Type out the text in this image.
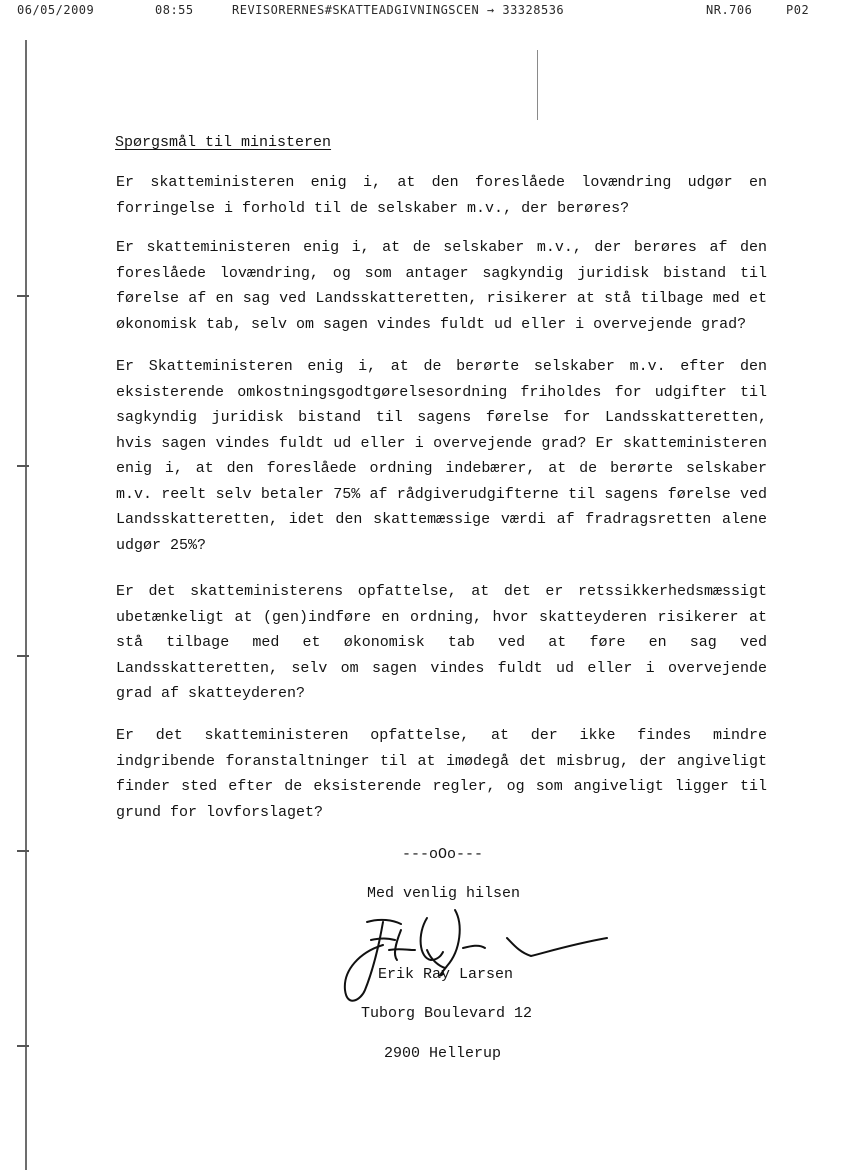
06/05/2009	08:55	REVISORERNES#SKATTEADGIVNINGSCEN → 33328536	NR.706	P02
Spørgsmål til ministeren
Er skatteministeren enig i, at den foreslåede lovændring udgør en forringelse i forhold til de selskaber m.v., der berøres?
Er skatteministeren enig i, at de selskaber m.v., der berøres af den foreslåede lovændring, og som antager sagkyndig juridisk bistand til førelse af en sag ved Landsskatteretten, risikerer at stå tilbage med et økonomisk tab, selv om sagen vindes fuldt ud eller i overvejende grad?
Er Skatteministeren enig i, at de berørte selskaber m.v. efter den eksisterende omkostningsgodtgørelsesordning friholdes for udgifter til sagkyndig juridisk bistand til sagens førelse for Landsskatteretten, hvis sagen vindes fuldt ud eller i overvejende grad? Er skatteministeren enig i, at den foreslåede ordning indebærer, at de berørte selskaber m.v. reelt selv betaler 75% af rådgiverudgifterne til sagens førelse ved Landsskatteretten, idet den skattemæssige værdi af fradragsretten alene udgør 25%?
Er det skatteministerens opfattelse, at det er retssikkerhedsmæssigt ubetænkeligt at (gen)indføre en ordning, hvor skatteyderen risikerer at stå tilbage med et økonomisk tab ved at føre en sag ved Landsskatteretten, selv om sagen vindes fuldt ud eller i overvejende grad af skatteyderen?
Er det skatteministeren opfattelse, at der ikke findes mindre indgribende foranstaltninger til at imødegå det misbrug, der angiveligt finder sted efter de eksisterende regler, og som angiveligt ligger til grund for lovforslaget?
---oOo---
Med venlig hilsen
Erik Ray Larsen
Tuborg Boulevard 12
2900 Hellerup
